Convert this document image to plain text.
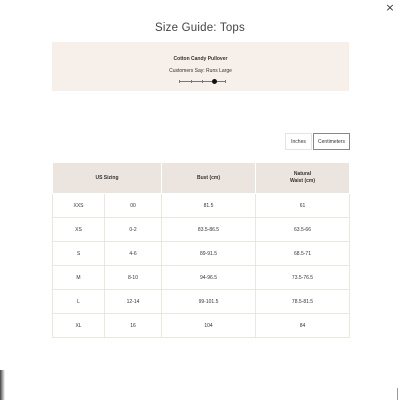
×
Size Guide: Tops
Cotton Candy Pullover
Customers Say: Runs Large
Inches	Centimeters
US Sizing		Bust (cm)	Natural
Waist (cm)
XXS	00	81.5	61
XS	0-2	83.5-86.5	63.5-66
S	4-6	89-91.5	68.5-71
M	8-10	94-96.5	73.5-76.5
L	12-14	99-101.5	78.5-81.5
XL	16	104	84
